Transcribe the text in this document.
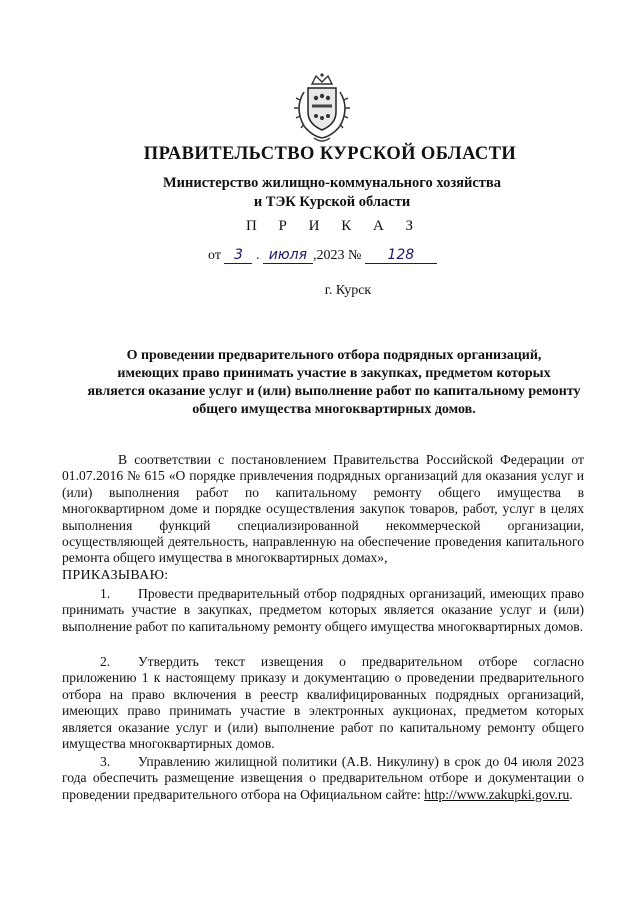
ПРАВИТЕЛЬСТВО КУРСКОЙ ОБЛАСТИ
Министерство жилищно-коммунального хозяйства
и ТЭК Курской области
П Р И К А З
от 3 . июля ,2023 № 128
г. Курск
О проведении предварительного отбора подрядных организаций,
имеющих право принимать участие в закупках, предметом которых
является оказание услуг и (или) выполнение работ по капитальному ремонту
общего имущества многоквартирных домов.
В соответствии с постановлением Правительства Российской Федерации от 01.07.2016 № 615 «О порядке привлечения подрядных организаций для оказания услуг и (или) выполнения работ по капитальному ремонту общего имущества в многоквартирном доме и порядке осуществления закупок товаров, работ, услуг в целях выполнения функций специализированной некоммерческой организации, осуществляющей деятельность, направленную на обеспечение проведения капитального ремонта общего имущества в многоквартирных домах»,
ПРИКАЗЫВАЮ:
1. Провести предварительный отбор подрядных организаций, имеющих право принимать участие в закупках, предметом которых является оказание услуг и (или) выполнение работ по капитальному ремонту общего имущества многоквартирных домов.
2. Утвердить текст извещения о предварительном отборе согласно приложению 1 к настоящему приказу и документацию о проведении предварительного отбора на право включения в реестр квалифицированных подрядных организаций, имеющих право принимать участие в электронных аукционах, предметом которых является оказание услуг и (или) выполнение работ по капитальному ремонту общего имущества многоквартирных домов.
3. Управлению жилищной политики (А.В. Никулину) в срок до 04 июля 2023 года обеспечить размещение извещения о предварительном отборе и документации о проведении предварительного отбора на Официальном сайте: http://www.zakupki.gov.ru.
